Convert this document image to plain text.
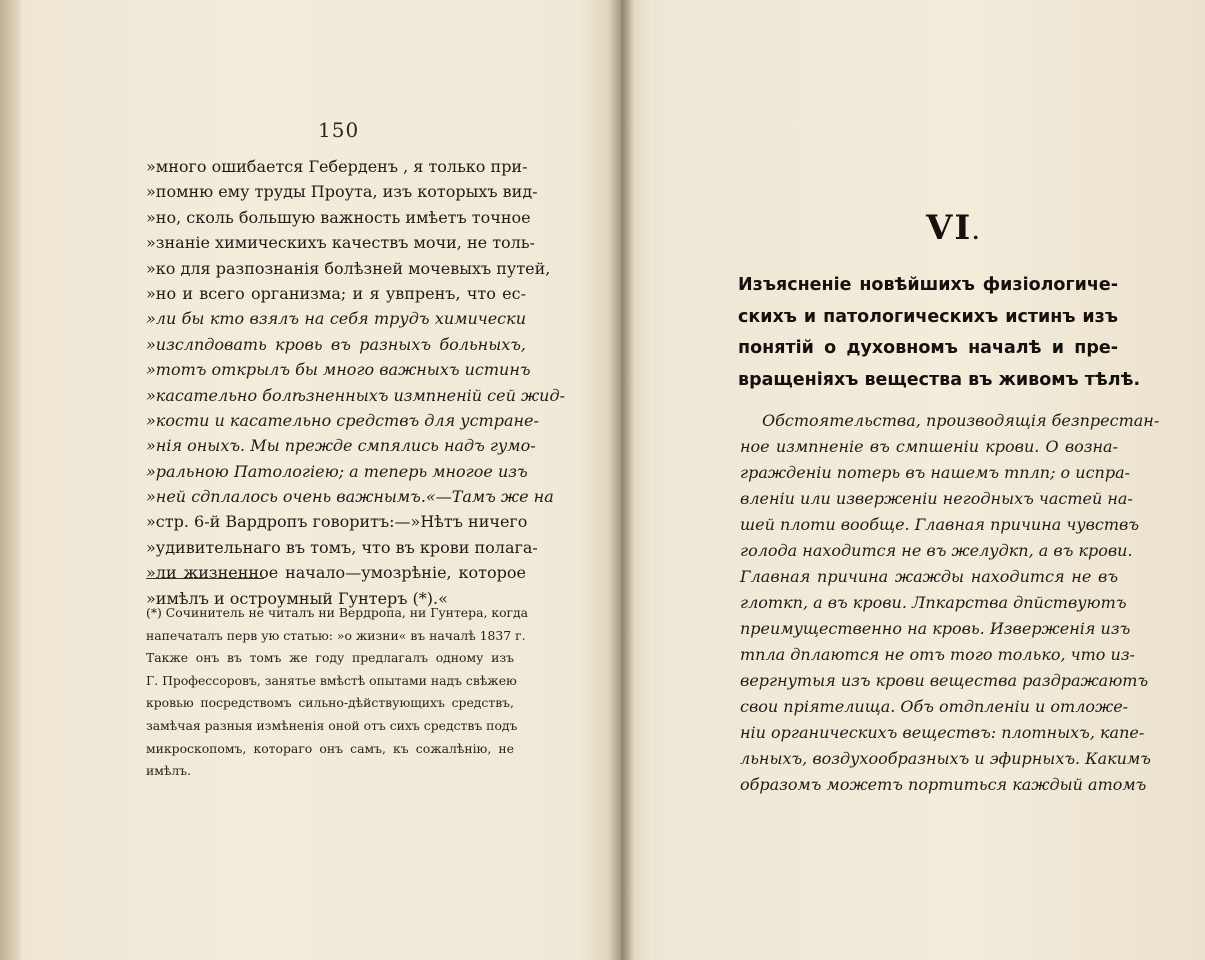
150
»много ошибается Геберденъ , я только при-
»помню ему труды Проута, изъ которыхъ вид-
»но, сколь большую важность имѣетъ точное
»знаніе химическихъ качествъ мочи, не толь-
»ко для разпознанія болѣзней мочевыхъ путей,
»но и всего организма; и я увпренъ, что ес-
»ли бы кто взялъ на себя трудъ химически
»изслпдовать кровь въ разныхъ больныхъ,
»тотъ открылъ бы много важныхъ истинъ
»касательно болѣзненныхъ измпненій сей жид-
»кости и касательно средствъ для устране-
»нія оныхъ. Мы прежде смпялись надъ гумо-
»ральною Патологіею; а теперь многое изъ
»ней сдплалось очень важнымъ.«—Тамъ же на
»стр. 6-й Вардропъ говоритъ:—»Нѣтъ ничего
»удивительнаго въ томъ, что въ крови полага-
»ли жизненное начало—умозрѣніе, которое
»имѣлъ и остроумный Гунтеръ (*).«
(*) Сочинитель не читалъ ни Вердропа, ни Гунтера, когда
напечаталъ перв ую статью: »о жизни« въ началѣ 1837 г.
Также онъ въ томъ же году предлагалъ одному изъ
Г. Профессоровъ, занятье вмѣстѣ опытами надъ свѣжею
кровью посредствомъ сильно-дѣйствующихъ средствъ,
замѣчая разныя измѣненія оной отъ сихъ средствъ подъ
микроскопомъ, котораго онъ самъ, къ сожалѣнію, не
имѣлъ.
VI.
Изъясненіе новѣйшихъ физіологиче-
скихъ и патологическихъ истинъ изъ
понятій о духовномъ началѣ и пре-
вращеніяхъ вещества въ живомъ тѣлѣ.
Обстоятельства, производящія безпрестан-
ное измпненіе въ смпшеніи крови. О возна-
гражденіи потерь въ нашемъ тплп; о испра-
вленіи или изверженіи негодныхъ частей на-
шей плоти вообще. Главная причина чувствъ
голода находится не въ желудкп, а въ крови.
Главная причина жажды находится не въ
глоткп, а въ крови. Лпкарства дпйствуютъ
преимущественно на кровь. Изверженія изъ
тпла дплаются не отъ того только, что из-
вергнутыя изъ крови вещества раздражаютъ
свои пріятелища. Объ отдпленіи и отложе-
ніи органическихъ веществъ: плотныхъ, капе-
льныхъ, воздухообразныхъ и эфирныхъ. Какимъ
образомъ можетъ портиться каждый атомъ
